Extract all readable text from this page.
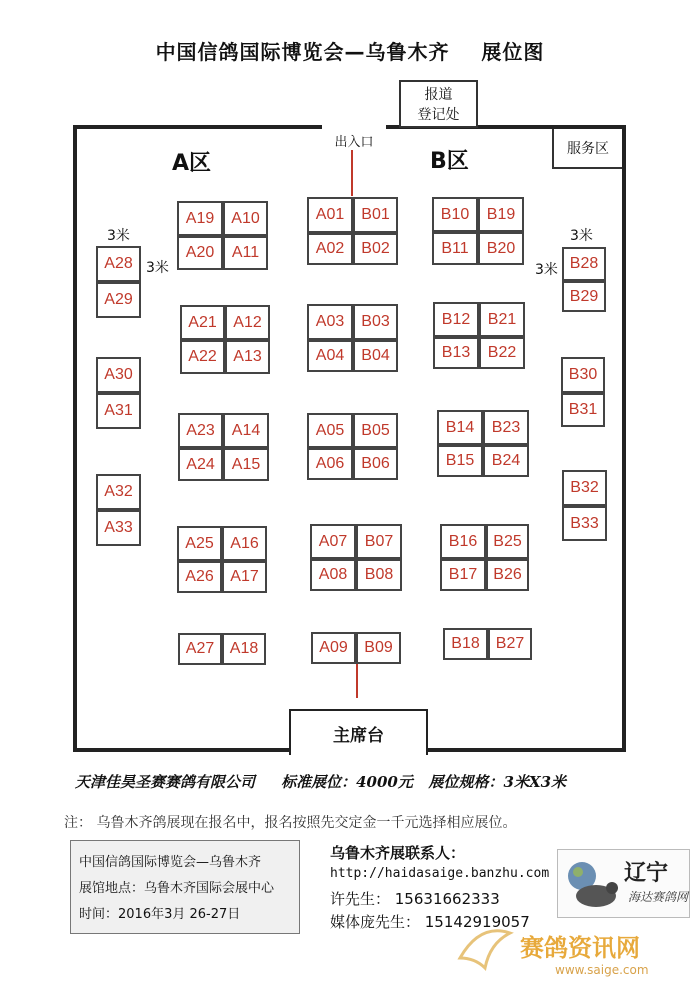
中国信鸽国际博览会—乌鲁木齐    展位图
报道
登记处
出入口	服务区
A区	B区
3米
3米
3米
3米
A28
A29
A30
A31
A32
A33
A19	A10
A20	A11
A21	A12
A22	A13
A23	A14
A24	A15
A25	A16
A26	A17
A27 A18
A01	B01
A02	B02
A03	B03
A04	B04
A05	B05
A06	B06
A07	B07
A08	B08
A09	B09
B10	B19
B11	B20
B12	B21
B13	B22
B14	B23
B15	B24
B16	B25
B17	B26
B18	B27
B28
B29
B30
B31
B32
B33
主席台
天津佳昊圣赛赛鸽有限公司     标准展位：4000元   展位规格：3米X3米
注： 乌鲁木齐鸽展现在报名中，报名按照先交定金一千元选择相应展位。
中国信鸽国际博览会—乌鲁木齐
展馆地点：乌鲁木齐国际会展中心
时间：2016年3月 26-27日
乌鲁木齐展联系人：
http://haidasaige.banzhu.com
许先生： 15631662333
媒体庞先生： 15142919057
辽宁
海达赛鸽网
赛鸽资讯网
www.saige.com
